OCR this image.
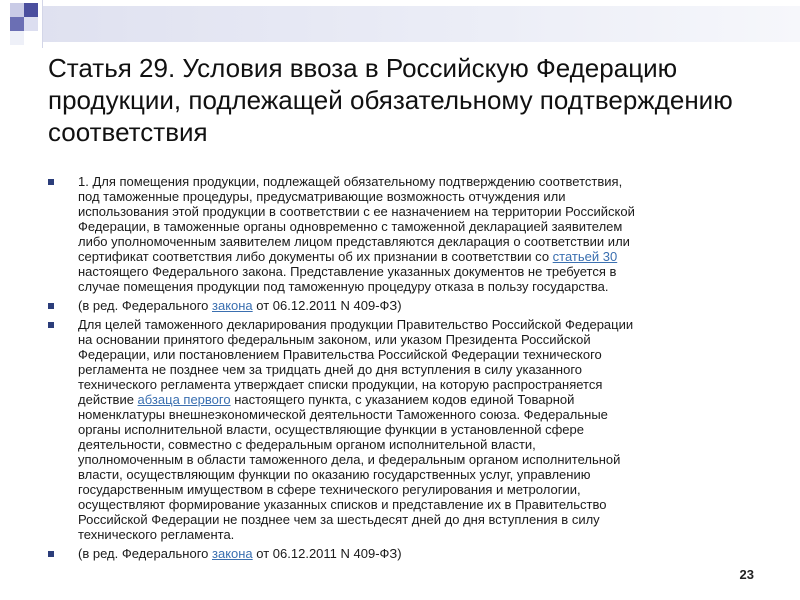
Статья 29. Условия ввоза в Российскую Федерацию
продукции, подлежащей обязательному подтверждению
соответствия
1. Для помещения продукции, подлежащей обязательному подтверждению соответствия,
под таможенные процедуры, предусматривающие возможность отчуждения или
использования этой продукции в соответствии с ее назначением на территории Российской
Федерации, в таможенные органы одновременно с таможенной декларацией заявителем
либо уполномоченным заявителем лицом представляются декларация о соответствии или
сертификат соответствия либо документы об их признании в соответствии со статьей 30
настоящего Федерального закона. Представление указанных документов не требуется в
случае помещения продукции под таможенную процедуру отказа в пользу государства.
(в ред. Федерального закона от 06.12.2011 N 409-ФЗ)
Для целей таможенного декларирования продукции Правительство Российской Федерации
на основании принятого федеральным законом, или указом Президента Российской
Федерации, или постановлением Правительства Российской Федерации технического
регламента не позднее чем за тридцать дней до дня вступления в силу указанного
технического регламента утверждает списки продукции, на которую распространяется
действие абзаца первого настоящего пункта, с указанием кодов единой Товарной
номенклатуры внешнеэкономической деятельности Таможенного союза. Федеральные
органы исполнительной власти, осуществляющие функции в установленной сфере
деятельности, совместно с федеральным органом исполнительной власти,
уполномоченным в области таможенного дела, и федеральным органом исполнительной
власти, осуществляющим функции по оказанию государственных услуг, управлению
государственным имуществом в сфере технического регулирования и метрологии,
осуществляют формирование указанных списков и представление их в Правительство
Российской Федерации не позднее чем за шестьдесят дней до дня вступления в силу
технического регламента.
(в ред. Федерального закона от 06.12.2011 N 409-ФЗ)
23
